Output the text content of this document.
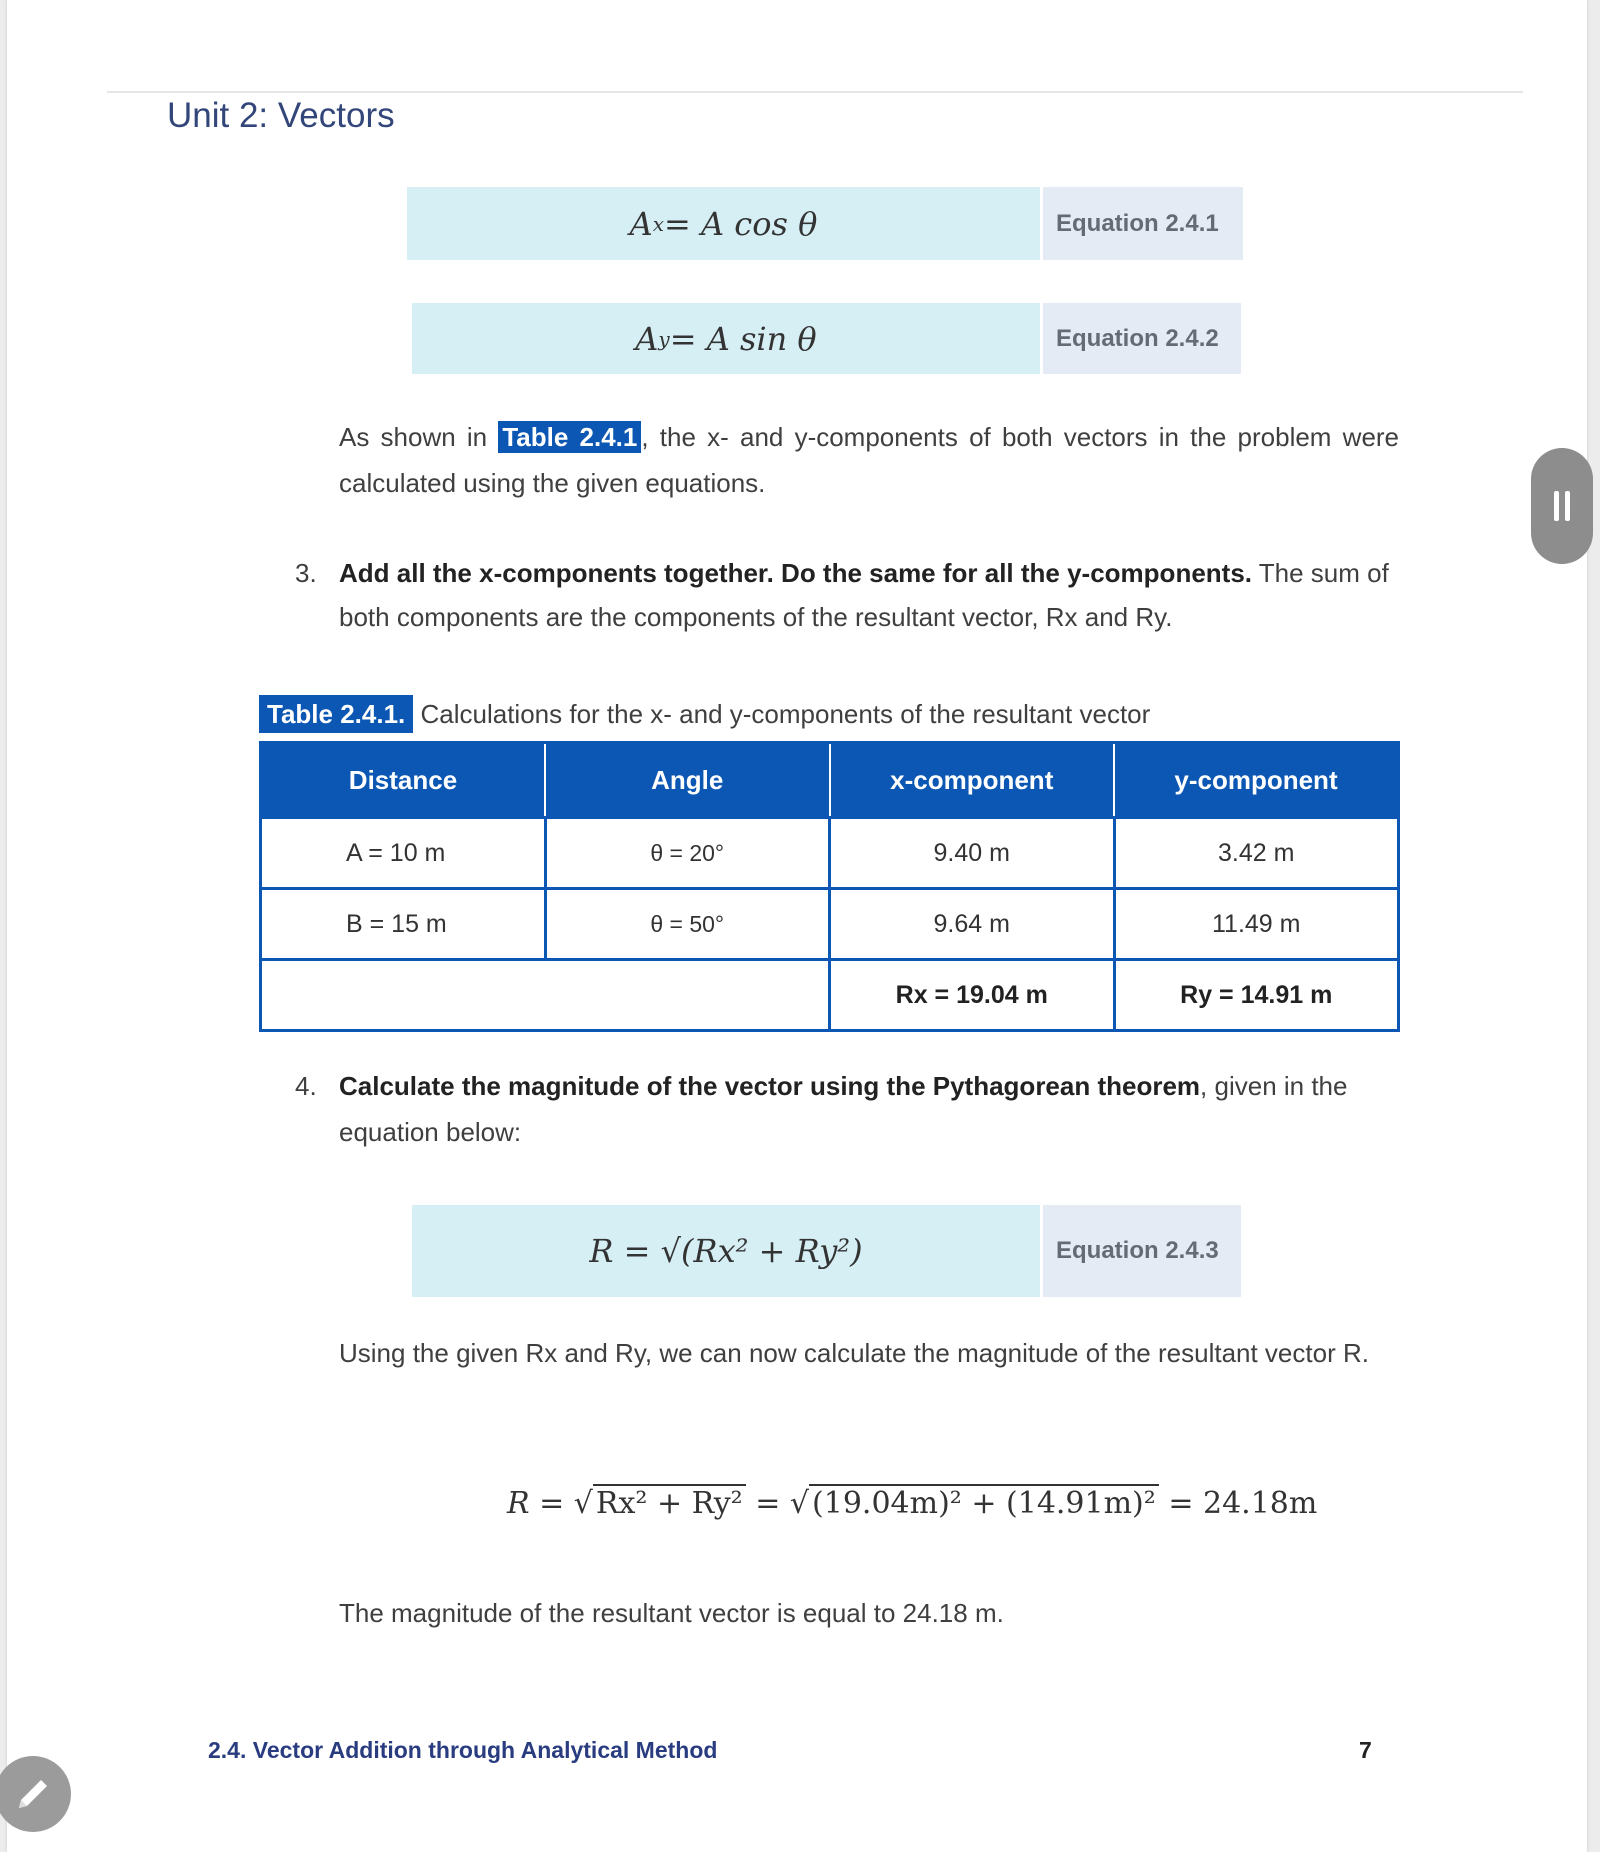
Unit 2: Vectors
A x = A cos θ	Equation 2.4.1
A y = A sin θ	Equation 2.4.2
As shown in Table 2.4.1 , the x- and y-components of both vectors in the problem were calculated using the given equations.
3. Add all the x-components together. Do the same for all the y-components. The sum of both components are the components of the resultant vector, Rx and Ry.
Table 2.4.1. Calculations for the x- and y-components of the resultant vector
Distance	Angle	x-component	y-component
A = 10 m	θ = 20°	9.40 m	3.42 m
B = 15 m	θ = 50°	9.64 m	11.49 m
		Rx = 19.04 m	Ry = 14.91 m
4. Calculate the magnitude of the vector using the Pythagorean theorem, given in the equation below:
R = √(Rx² + Ry²)	Equation 2.4.3
Using the given Rx and Ry, we can now calculate the magnitude of the resultant vector R.
R = √ Rx² + Ry² = √ (19.04m)² + (14.91m)² = 24.18m
The magnitude of the resultant vector is equal to 24.18 m.
2.4. Vector Addition through Analytical Method	7
